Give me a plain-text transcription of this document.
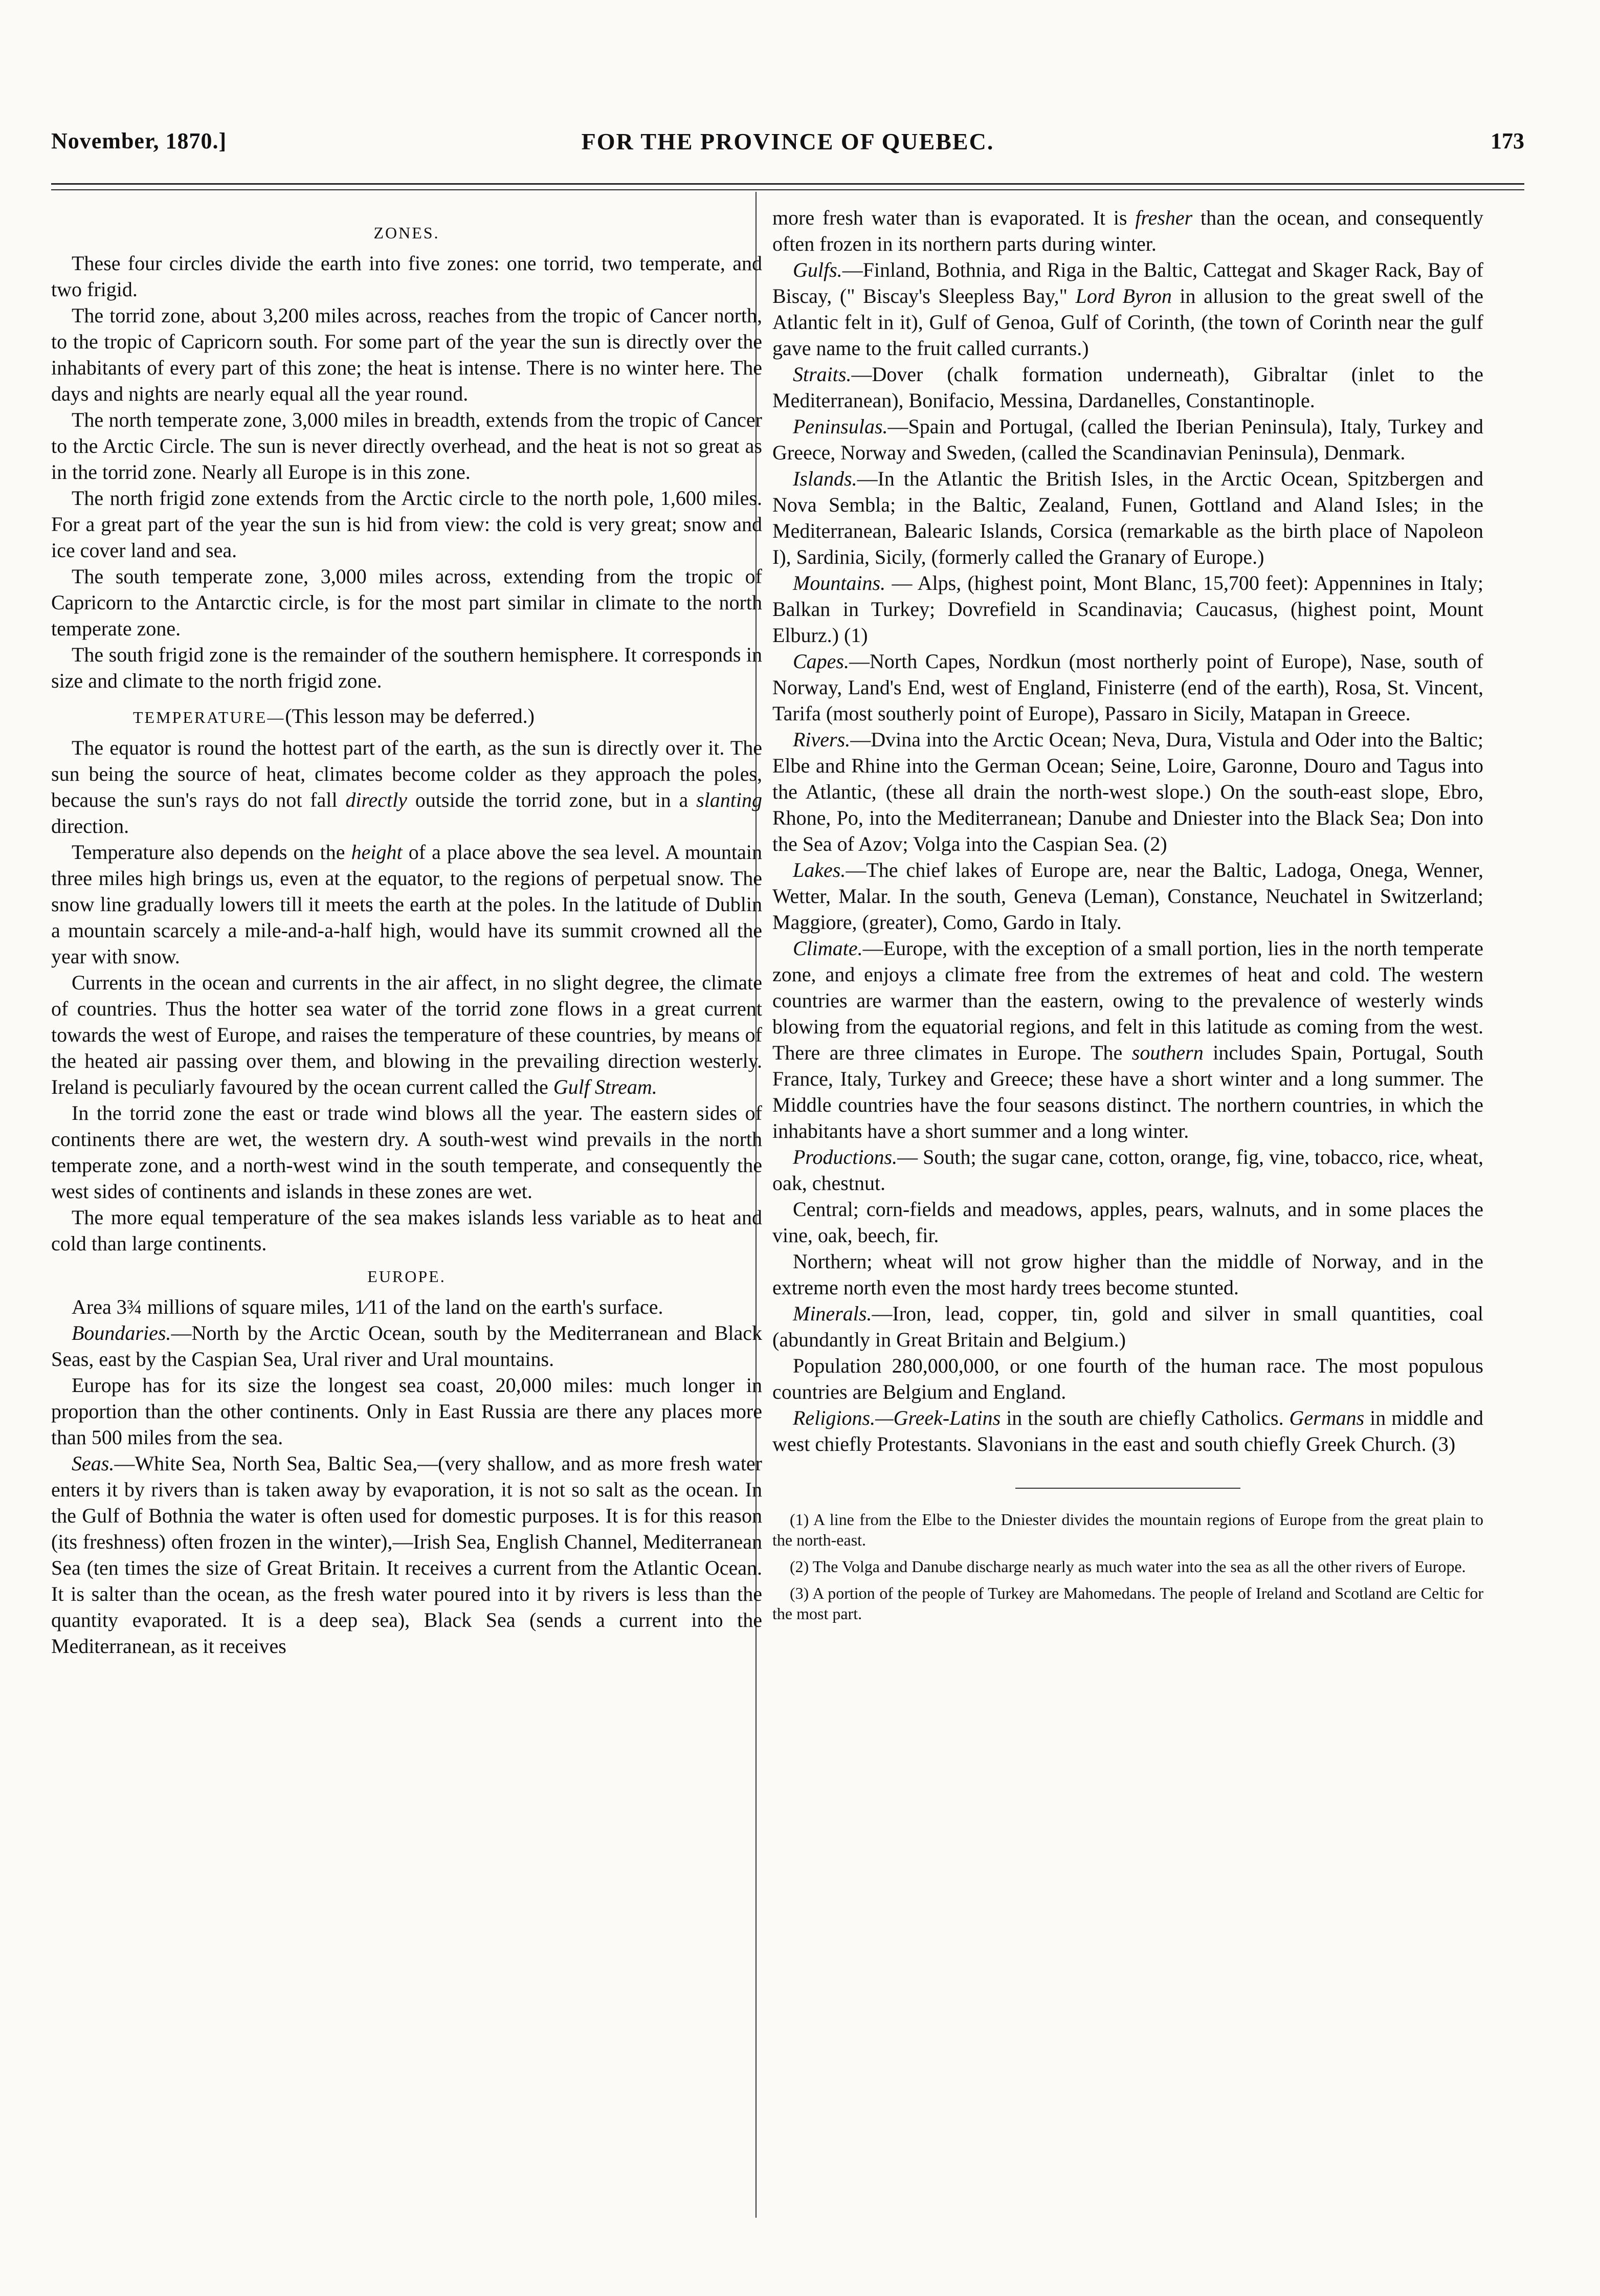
November, 1870.]	FOR THE PROVINCE OF QUEBEC.	173
ZONES.

These four circles divide the earth into five zones: one torrid, two temperate, and two frigid.

The torrid zone, about 3,200 miles across, reaches from the tropic of Cancer north, to the tropic of Capricorn south. For some part of the year the sun is directly over the inhabitants of every part of this zone; the heat is intense. There is no winter here. The days and nights are nearly equal all the year round.

The north temperate zone, 3,000 miles in breadth, extends from the tropic of Cancer to the Arctic Circle. The sun is never directly overhead, and the heat is not so great as in the torrid zone. Nearly all Europe is in this zone.

The north frigid zone extends from the Arctic circle to the north pole, 1,600 miles. For a great part of the year the sun is hid from view: the cold is very great; snow and ice cover land and sea.

The south temperate zone, 3,000 miles across, extending from the tropic of Capricorn to the Antarctic circle, is for the most part similar in climate to the north temperate zone.

The south frigid zone is the remainder of the southern hemisphere. It corresponds in size and climate to the north frigid zone.

TEMPERATURE—(This lesson may be deferred.)

The equator is round the hottest part of the earth, as the sun is directly over it. The sun being the source of heat, climates become colder as they approach the poles, because the sun's rays do not fall directly outside the torrid zone, but in a slanting direction.

Temperature also depends on the height of a place above the sea level. A mountain three miles high brings us, even at the equator, to the regions of perpetual snow. The snow line gradually lowers till it meets the earth at the poles. In the latitude of Dublin a mountain scarcely a mile-and-a-half high, would have its summit crowned all the year with snow.

Currents in the ocean and currents in the air affect, in no slight degree, the climate of countries. Thus the hotter sea water of the torrid zone flows in a great current towards the west of Europe, and raises the temperature of these countries, by means of the heated air passing over them, and blowing in the prevailing direction westerly. Ireland is peculiarly favoured by the ocean current called the Gulf Stream.

In the torrid zone the east or trade wind blows all the year. The eastern sides of continents there are wet, the western dry. A south-west wind prevails in the north temperate zone, and a north-west wind in the south temperate, and consequently the west sides of continents and islands in these zones are wet.

The more equal temperature of the sea makes islands less variable as to heat and cold than large continents.

EUROPE.

Area 3¾ millions of square miles, 1⁄11 of the land on the earth's surface.

Boundaries.—North by the Arctic Ocean, south by the Mediterranean and Black Seas, east by the Caspian Sea, Ural river and Ural mountains.

Europe has for its size the longest sea coast, 20,000 miles: much longer in proportion than the other continents. Only in East Russia are there any places more than 500 miles from the sea.

Seas.—White Sea, North Sea, Baltic Sea,—(very shallow, and as more fresh water enters it by rivers than is taken away by evaporation, it is not so salt as the ocean. In the Gulf of Bothnia the water is often used for domestic purposes. It is for this reason (its freshness) often frozen in the winter),—Irish Sea, English Channel, Mediterranean Sea (ten times the size of Great Britain. It receives a current from the Atlantic Ocean. It is salter than the ocean, as the fresh water poured into it by rivers is less than the quantity evaporated. It is a deep sea), Black Sea (sends a current into the Mediterranean, as it receives

more fresh water than is evaporated. It is fresher than the ocean, and consequently often frozen in its northern parts during winter.

Gulfs.—Finland, Bothnia, and Riga in the Baltic, Cattegat and Skager Rack, Bay of Biscay, (" Biscay's Sleepless Bay," Lord Byron in allusion to the great swell of the Atlantic felt in it), Gulf of Genoa, Gulf of Corinth, (the town of Corinth near the gulf gave name to the fruit called currants.)

Straits.—Dover (chalk formation underneath), Gibraltar (inlet to the Mediterranean), Bonifacio, Messina, Dardanelles, Constantinople.

Peninsulas.—Spain and Portugal, (called the Iberian Peninsula), Italy, Turkey and Greece, Norway and Sweden, (called the Scandinavian Peninsula), Denmark.

Islands.—In the Atlantic the British Isles, in the Arctic Ocean, Spitzbergen and Nova Sembla; in the Baltic, Zealand, Funen, Gottland and Aland Isles; in the Mediterranean, Balearic Islands, Corsica (remarkable as the birth place of Napoleon I), Sardinia, Sicily, (formerly called the Granary of Europe.)

Mountains. — Alps, (highest point, Mont Blanc, 15,700 feet): Appennines in Italy; Balkan in Turkey; Dovrefield in Scandinavia; Caucasus, (highest point, Mount Elburz.) (1)

Capes.—North Capes, Nordkun (most northerly point of Europe), Nase, south of Norway, Land's End, west of England, Finisterre (end of the earth), Rosa, St. Vincent, Tarifa (most southerly point of Europe), Passaro in Sicily, Matapan in Greece.

Rivers.—Dvina into the Arctic Ocean; Neva, Dura, Vistula and Oder into the Baltic; Elbe and Rhine into the German Ocean; Seine, Loire, Garonne, Douro and Tagus into the Atlantic, (these all drain the north-west slope.) On the south-east slope, Ebro, Rhone, Po, into the Mediterranean; Danube and Dniester into the Black Sea; Don into the Sea of Azov; Volga into the Caspian Sea. (2)

Lakes.—The chief lakes of Europe are, near the Baltic, Ladoga, Onega, Wenner, Wetter, Malar. In the south, Geneva (Leman), Constance, Neuchatel in Switzerland; Maggiore, (greater), Como, Gardo in Italy.

Climate.—Europe, with the exception of a small portion, lies in the north temperate zone, and enjoys a climate free from the extremes of heat and cold. The western countries are warmer than the eastern, owing to the prevalence of westerly winds blowing from the equatorial regions, and felt in this latitude as coming from the west. There are three climates in Europe. The southern includes Spain, Portugal, South France, Italy, Turkey and Greece; these have a short winter and a long summer. The Middle countries have the four seasons distinct. The northern countries, in which the inhabitants have a short summer and a long winter.

Productions.— South; the sugar cane, cotton, orange, fig, vine, tobacco, rice, wheat, oak, chestnut.

Central; corn-fields and meadows, apples, pears, walnuts, and in some places the vine, oak, beech, fir.

Northern; wheat will not grow higher than the middle of Norway, and in the extreme north even the most hardy trees become stunted.

Minerals.—Iron, lead, copper, tin, gold and silver in small quantities, coal (abundantly in Great Britain and Belgium.)

Population 280,000,000, or one fourth of the human race. The most populous countries are Belgium and England.

Religions.—Greek-Latins in the south are chiefly Catholics. Germans in middle and west chiefly Protestants. Slavonians in the east and south chiefly Greek Church. (3)

(1) A line from the Elbe to the Dniester divides the mountain regions of Europe from the great plain to the north-east.

(2) The Volga and Danube discharge nearly as much water into the sea as all the other rivers of Europe.

(3) A portion of the people of Turkey are Mahomedans. The people of Ireland and Scotland are Celtic for the most part.
